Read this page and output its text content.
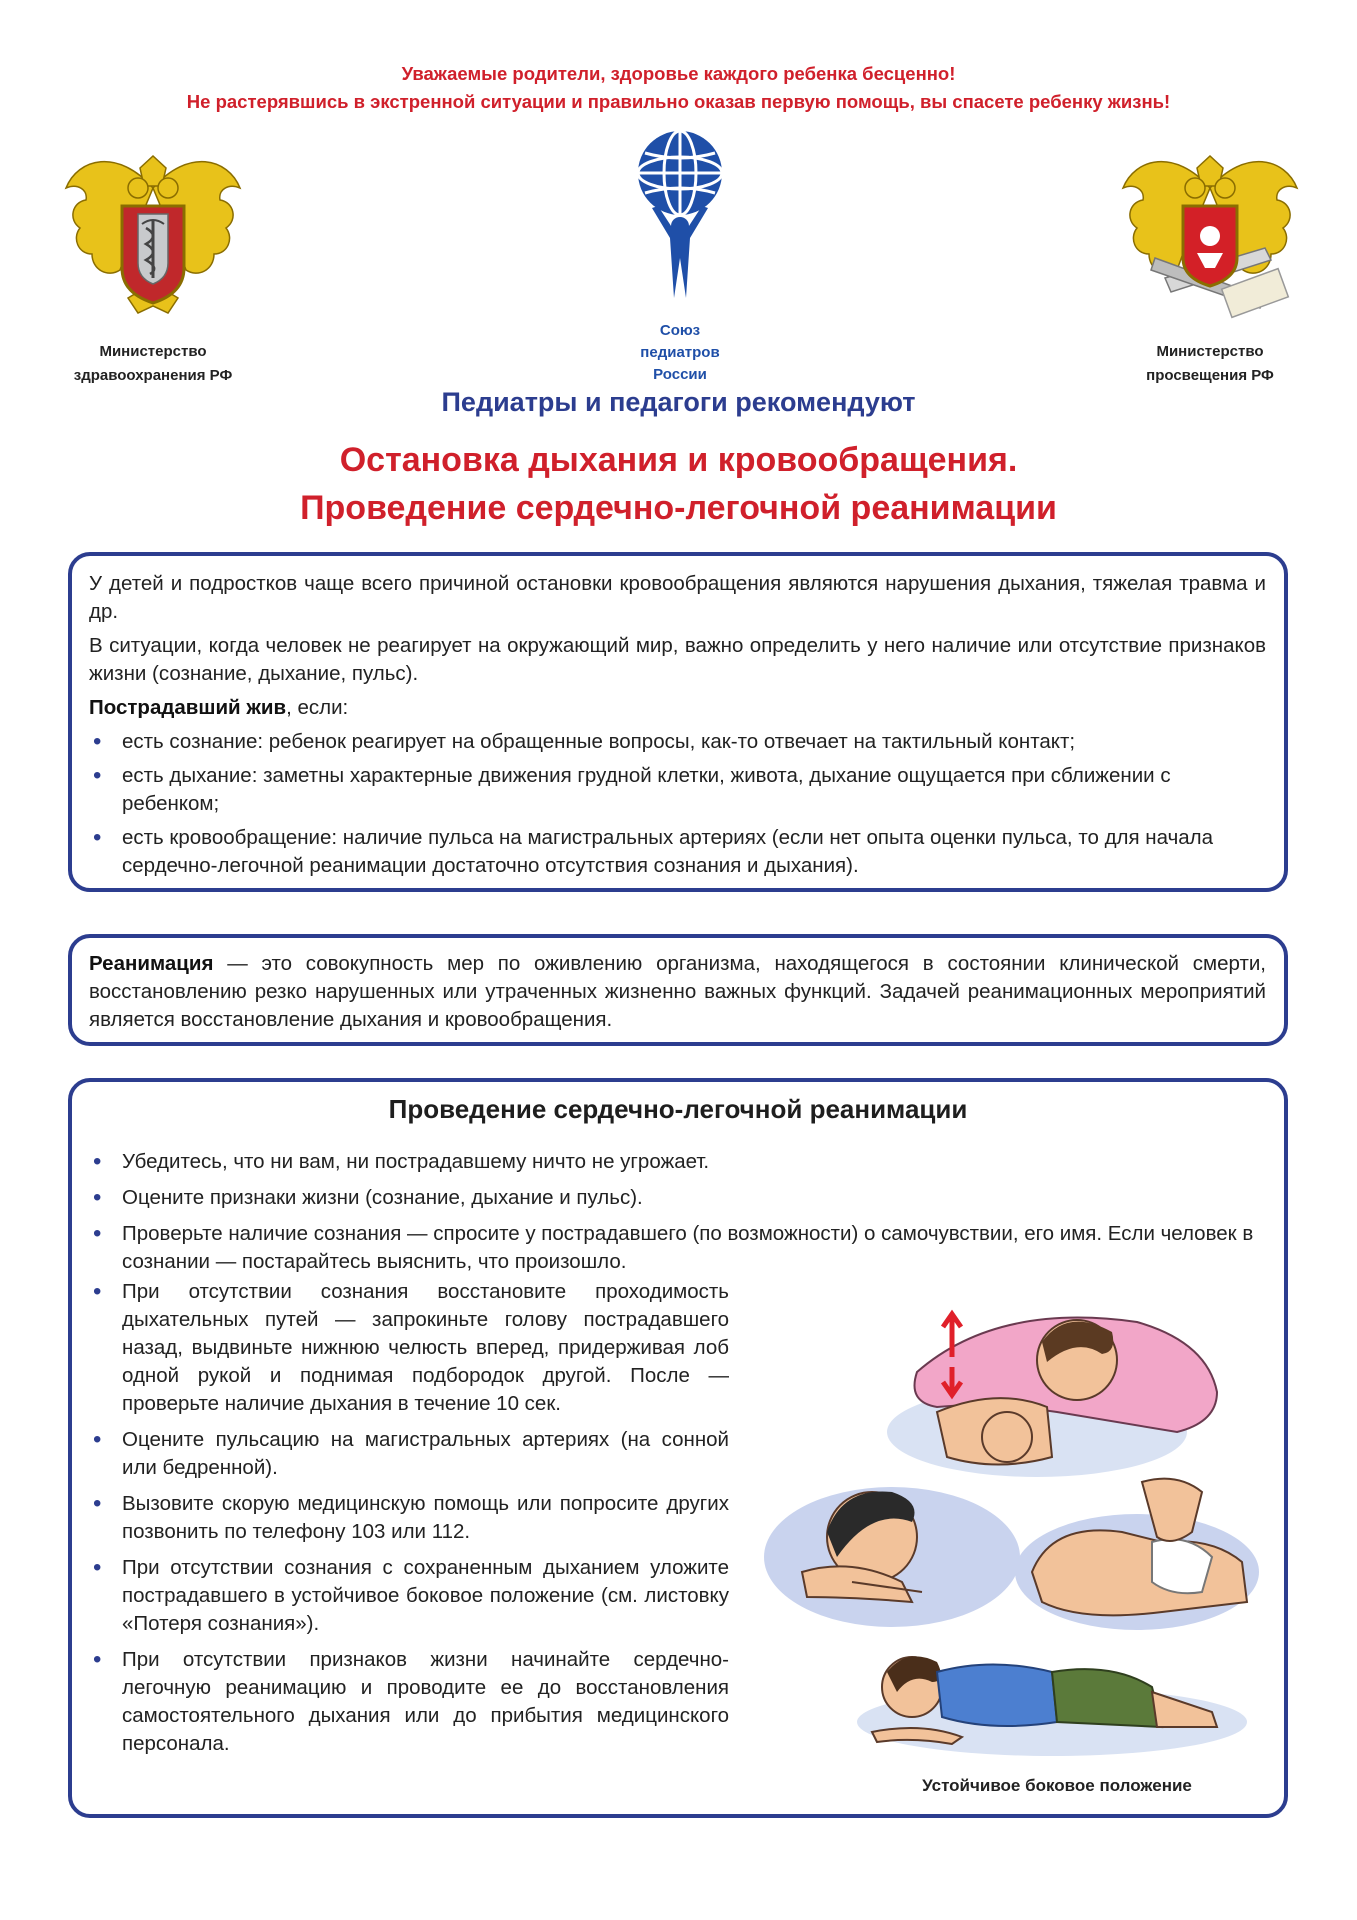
Уважаемые родители, здоровье каждого ребенка бесценно!
Не растерявшись в экстренной ситуации и правильно оказав первую помощь, вы спасете ребенку жизнь!
Министерство
здравоохранения РФ
Союз
педиатров
России
Министерство
просвещения РФ
Педиатры и педагоги рекомендуют
Остановка дыхания и кровообращения.
Проведение сердечно-легочной реанимации

У детей и подростков чаще всего причиной остановки кровообращения являются нарушения дыхания, тяжелая травма и др.

В ситуации, когда человек не реагирует на окружающий мир, важно определить у него наличие или отсутствие признаков жизни (сознание, дыхание, пульс).

Пострадавший жив, если:

• есть сознание: ребенок реагирует на обращенные вопросы, как-то отвечает на тактильный контакт;
• есть дыхание: заметны характерные движения грудной клетки, живота, дыхание ощущается при сближении с ребенком;
• есть кровообращение: наличие пульса на магистральных артериях (если нет опыта оценки пульса, то для начала сердечно-легочной реанимации достаточно отсутствия сознания и дыхания).

Реанимация — это совокупность мер по оживлению организма, находящегося в состоянии клинической смерти, восстановлению резко нарушенных или утраченных жизненно важных функций. Задачей реанимационных мероприятий является восстановление дыхания и кровообращения.

Проведение сердечно-легочной реанимации
• Убедитесь, что ни вам, ни пострадавшему ничто не угрожает.
• Оцените признаки жизни (сознание, дыхание и пульс).
• Проверьте наличие сознания — спросите у пострадавшего (по возможности) о самочувствии, его имя. Если человек в сознании — постарайтесь выяснить, что произошло.
• При отсутствии сознания восстановите проходимость дыхательных путей — запрокиньте голову пострадавшего назад, выдвиньте нижнюю челюсть вперед, придерживая лоб одной рукой и поднимая подбородок другой. После — проверьте наличие дыхания в течение 10 сек.
• Оцените пульсацию на магистральных артериях (на сонной или бедренной).
• Вызовите скорую медицинскую помощь или попросите других позвонить по телефону 103 или 112.
• При отсутствии сознания с сохраненным дыханием уложите пострадавшего в устойчивое боковое положение (см. листовку «Потеря сознания»).
• При отсутствии признаков жизни начинайте сердечно-легочную реанимацию и проводите ее до восстановления самостоятельного дыхания или до прибытия медицинского персонала.
Устойчивое боковое положение
